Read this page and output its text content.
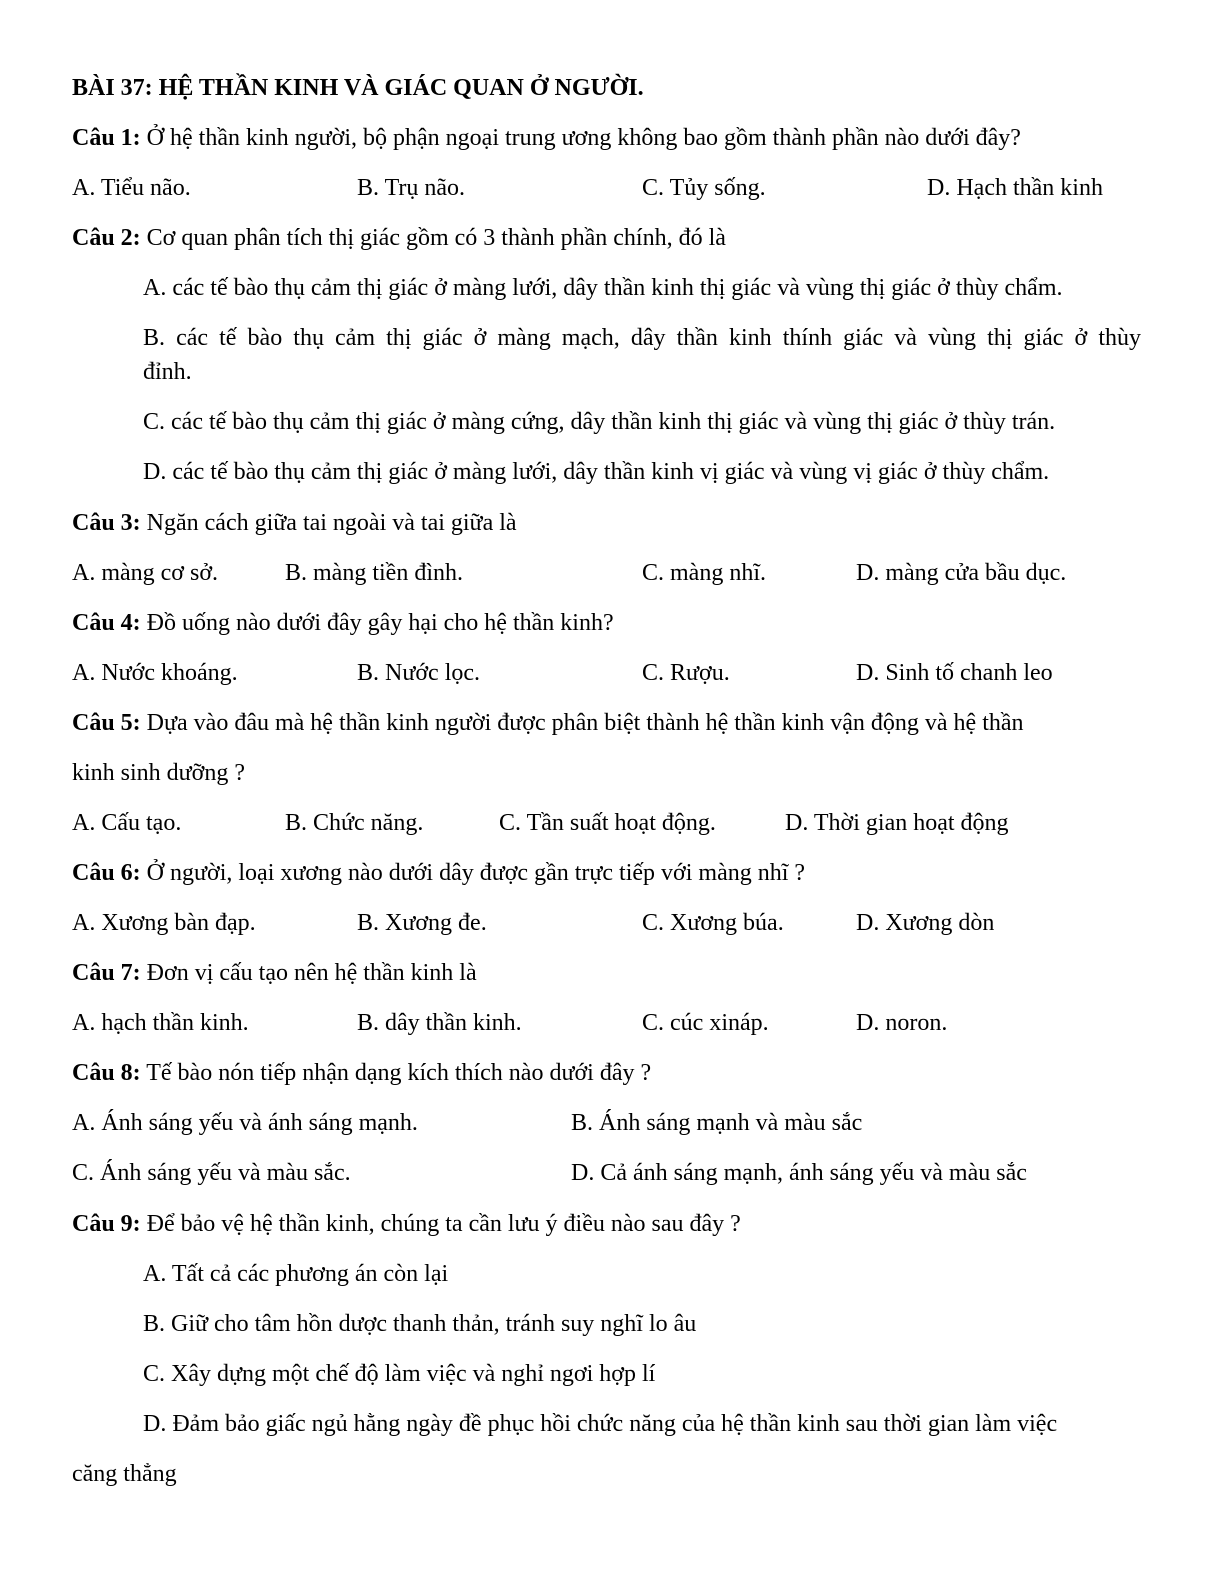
BÀI 37: HỆ THẦN KINH VÀ GIÁC QUAN Ở NGƯỜI.
Câu 1: Ở hệ thần kinh người, bộ phận ngoại trung ương không bao gồm thành phần nào dưới đây?
A. Tiểu não.	B. Trụ não.	C. Tủy sống.	D. Hạch thần kinh
Câu 2: Cơ quan phân tích thị giác gồm có 3 thành phần chính, đó là
A. các tế bào thụ cảm thị giác ở màng lưới, dây thần kinh thị giác và vùng thị giác ở thùy chẩm.
B. các tế bào thụ cảm thị giác ở màng mạch, dây thần kinh thính giác và vùng thị giác ở thùy
đỉnh.
C. các tế bào thụ cảm thị giác ở màng cứng, dây thần kinh thị giác và vùng thị giác ở thùy trán.
D. các tế bào thụ cảm thị giác ở màng lưới, dây thần kinh vị giác và vùng vị giác ở thùy chẩm.
Câu 3: Ngăn cách giữa tai ngoài và tai giữa là
A. màng cơ sở.	B. màng tiền đình.	C. màng nhĩ.	D. màng cửa bầu dục.
Câu 4: Đồ uống nào dưới đây gây hại cho hệ thần kinh?
A. Nước khoáng.	B. Nước lọc.	C. Rượu.	D. Sinh tố chanh leo
Câu 5: Dựa vào đâu mà hệ thần kinh người được phân biệt thành hệ thần kinh vận động và hệ thần
kinh sinh dưỡng ?
A. Cấu tạo.	B. Chức năng.	C. Tần suất hoạt động.	D. Thời gian hoạt động
Câu 6: Ở người, loại xương nào dưới dây được gần trực tiếp với màng nhĩ ?
A. Xương bàn đạp.	B. Xương đe.	C. Xương búa.	D. Xương dòn
Câu 7: Đơn vị cấu tạo nên hệ thần kinh là
A. hạch thần kinh.	B. dây thần kinh.	C. cúc xináp.	D. noron.
Câu 8: Tế bào nón tiếp nhận dạng kích thích nào dưới đây ?
A. Ánh sáng yếu và ánh sáng mạnh.	B. Ánh sáng mạnh và màu sắc
C. Ánh sáng yếu và màu sắc.	D. Cả ánh sáng mạnh, ánh sáng yếu và màu sắc
Câu 9: Để bảo vệ hệ thần kinh, chúng ta cần lưu ý điều nào sau đây ?
A. Tất cả các phương án còn lại
B. Giữ cho tâm hồn dược thanh thản, tránh suy nghĩ lo âu
C. Xây dựng một chế độ làm việc và nghỉ ngơi hợp lí
D. Đảm bảo giấc ngủ hằng ngày đề phục hồi chức năng của hệ thần kinh sau thời gian làm việc
căng thẳng
